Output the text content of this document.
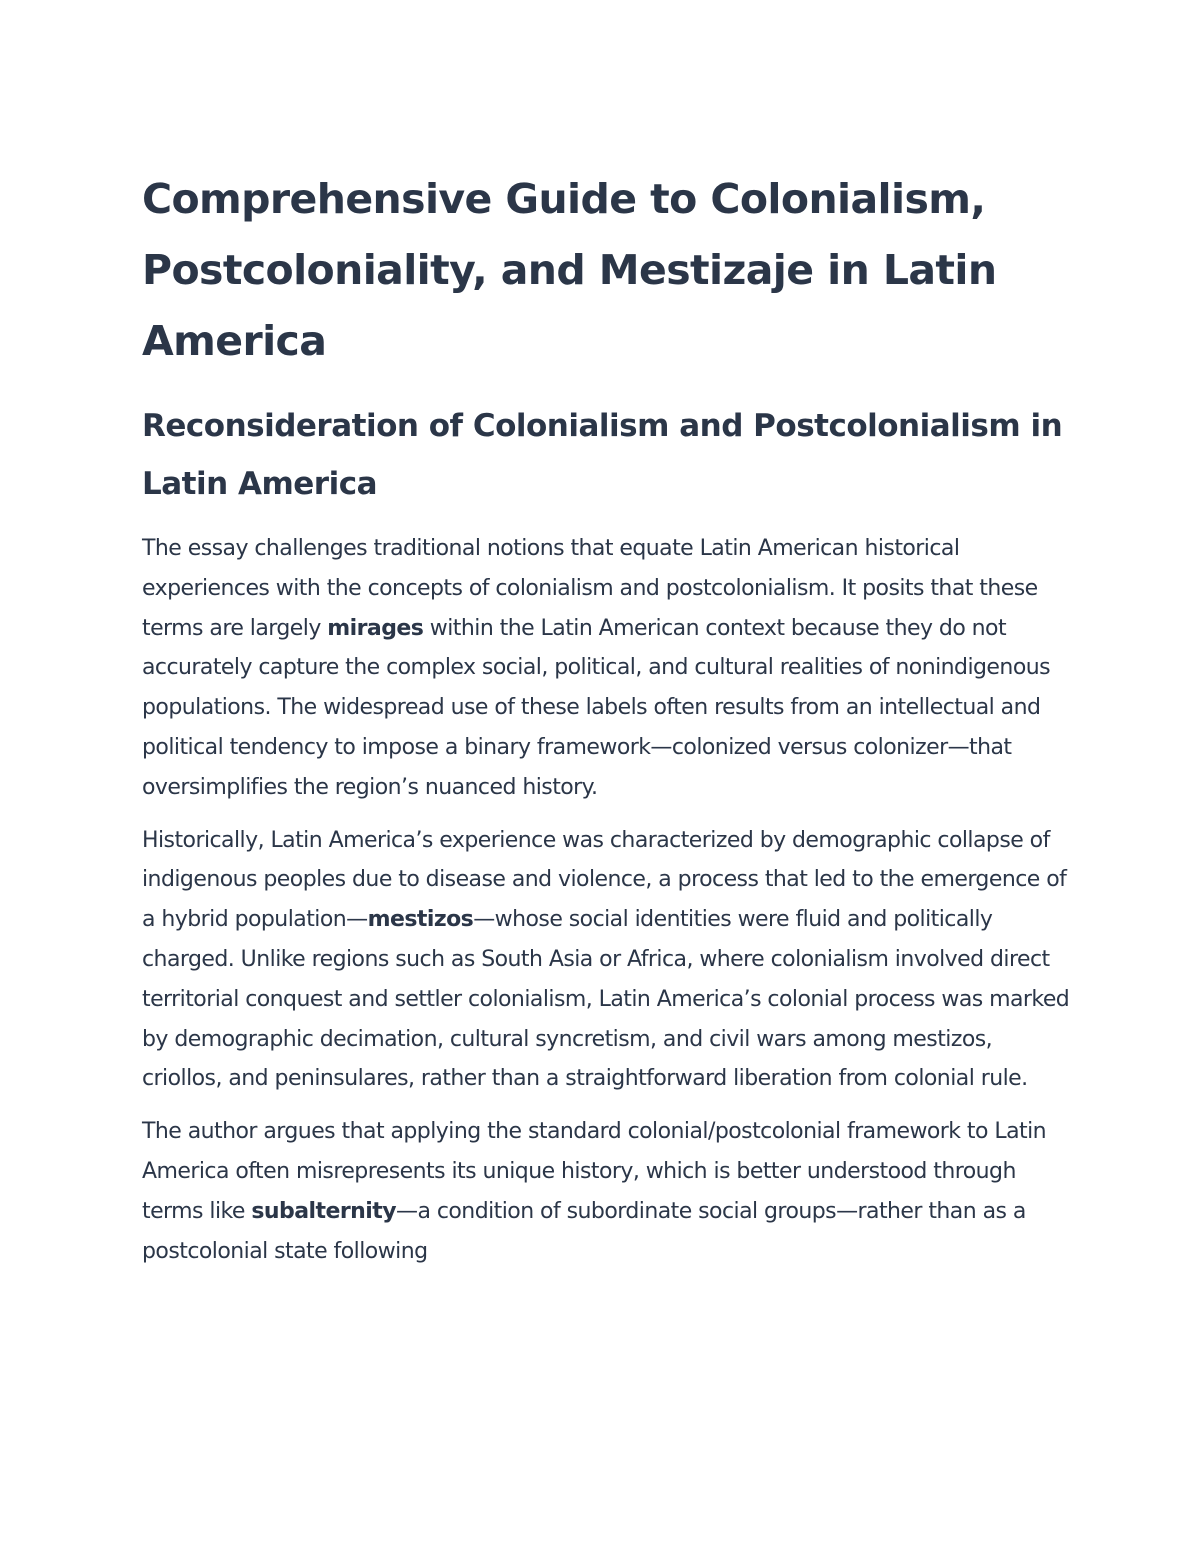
Comprehensive Guide to Colonialism, Postcoloniality, and Mestizaje in Latin America
Reconsideration of Colonialism and Postcolonialism in Latin America

The essay challenges traditional notions that equate Latin American historical experiences with the concepts of colonialism and postcolonialism. It posits that these terms are largely mirages within the Latin American context because they do not accurately capture the complex social, political, and cultural realities of nonindigenous populations. The widespread use of these labels often results from an intellectual and political tendency to impose a binary framework—colonized versus colonizer—that oversimplifies the region’s nuanced history.

Historically, Latin America’s experience was characterized by demographic collapse of indigenous peoples due to disease and violence, a process that led to the emergence of a hybrid population—mestizos—whose social identities were fluid and politically charged. Unlike regions such as South Asia or Africa, where colonialism involved direct territorial conquest and settler colonialism, Latin America’s colonial process was marked by demographic decimation, cultural syncretism, and civil wars among mestizos, criollos, and peninsulares, rather than a straightforward liberation from colonial rule.

The author argues that applying the standard colonial/postcolonial framework to Latin America often misrepresents its unique history, which is better understood through terms like subalternity—a condition of subordinate social groups—rather than as a postcolonial state following
